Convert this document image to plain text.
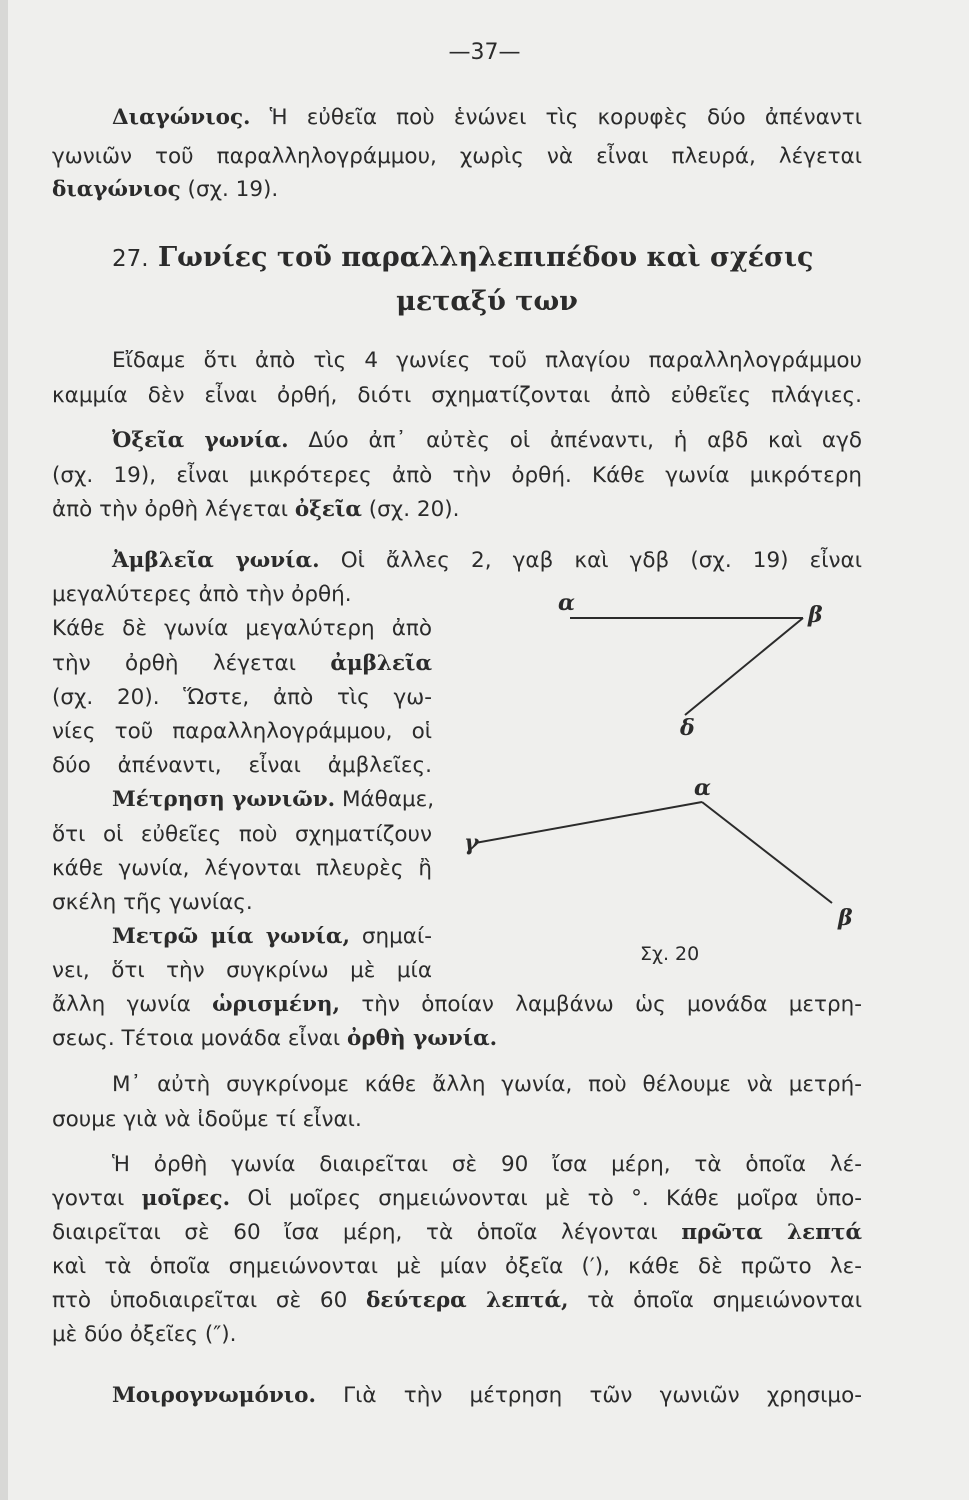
—37—

Διαγώνιος. Ἡ εὐθεῖα ποὺ ἑνώνει τὶς κορυφὲς δύο ἀπέναντι

γωνιῶν τοῦ παραλληλογράμμου, χωρὶς νὰ εἶναι πλευρά, λέγεται

διαγώνιος (σχ. 19).

27. Γωνίες τοῦ παραλληλεπιπέδου καὶ σχέσις

μεταξύ των

Εἴδαμε ὅτι ἀπὸ τὶς 4 γωνίες τοῦ πλαγίου παραλληλογράμμου

καμμία δὲν εἶναι ὀρθή, διότι σχηματίζονται ἀπὸ εὐθεῖες πλάγιες.

Ὀξεῖα γωνία. Δύο ἀπ᾽ αὐτὲς οἱ ἀπέναντι, ἡ αβδ καὶ αγδ

(σχ. 19), εἶναι μικρότερες ἀπὸ τὴν ὀρθή. Κάθε γωνία μικρότερη

ἀπὸ τὴν ὀρθὴ λέγεται ὀξεῖα (σχ. 20).

Ἀμβλεῖα γωνία. Οἱ ἄλλες 2, γαβ καὶ γδβ (σχ. 19) εἶναι

μεγαλύτερες ἀπὸ τὴν ὀρθή.

Κάθε δὲ γωνία μεγαλύτερη ἀπὸ

τὴν ὀρθὴ λέγεται ἀμβλεῖα

(σχ. 20). Ὥστε, ἀπὸ τὶς γω-

νίες τοῦ παραλληλογράμμου, οἱ

δύο ἀπέναντι, εἶναι ἀμβλεῖες.

Μέτρηση γωνιῶν. Μάθαμε,

ὅτι οἱ εὐθεῖες ποὺ σχηματίζουν

κάθε γωνία, λέγονται πλευρὲς ἢ

σκέλη τῆς γωνίας.

Μετρῶ μία γωνία, σημαί-

νει, ὅτι τὴν συγκρίνω μὲ μία

ἄλλη γωνία ὡρισμένη, τὴν ὁποίαν λαμβάνω ὡς μονάδα μετρη-

σεως. Τέτοια μονάδα εἶναι ὀρθὴ γωνία.

Μ᾽ αὐτὴ συγκρίνομε κάθε ἄλλη γωνία, ποὺ θέλουμε νὰ μετρή-

σουμε γιὰ νὰ ἰδοῦμε τί εἶναι.

Ἡ ὀρθὴ γωνία διαιρεῖται σὲ 90 ἴσα μέρη, τὰ ὁποῖα λέ-

γονται μοῖρες. Οἱ μοῖρες σημειώνονται μὲ τὸ °. Κάθε μοῖρα ὑπο-

διαιρεῖται σὲ 60 ἴσα μέρη, τὰ ὁποῖα λέγονται πρῶτα λεπτά

καὶ τὰ ὁποῖα σημειώνονται μὲ μίαν ὀξεῖα (′), κάθε δὲ πρῶτο λε-

πτὸ ὑποδιαιρεῖται σὲ 60 δεύτερα λεπτά, τὰ ὁποῖα σημειώνονται

μὲ δύο ὀξεῖες (″).

Μοιρογνωμόνιο. Γιὰ τὴν μέτρηση τῶν γωνιῶν χρησιμο-

α	β
δ
α
γ
β
Σχ. 20
